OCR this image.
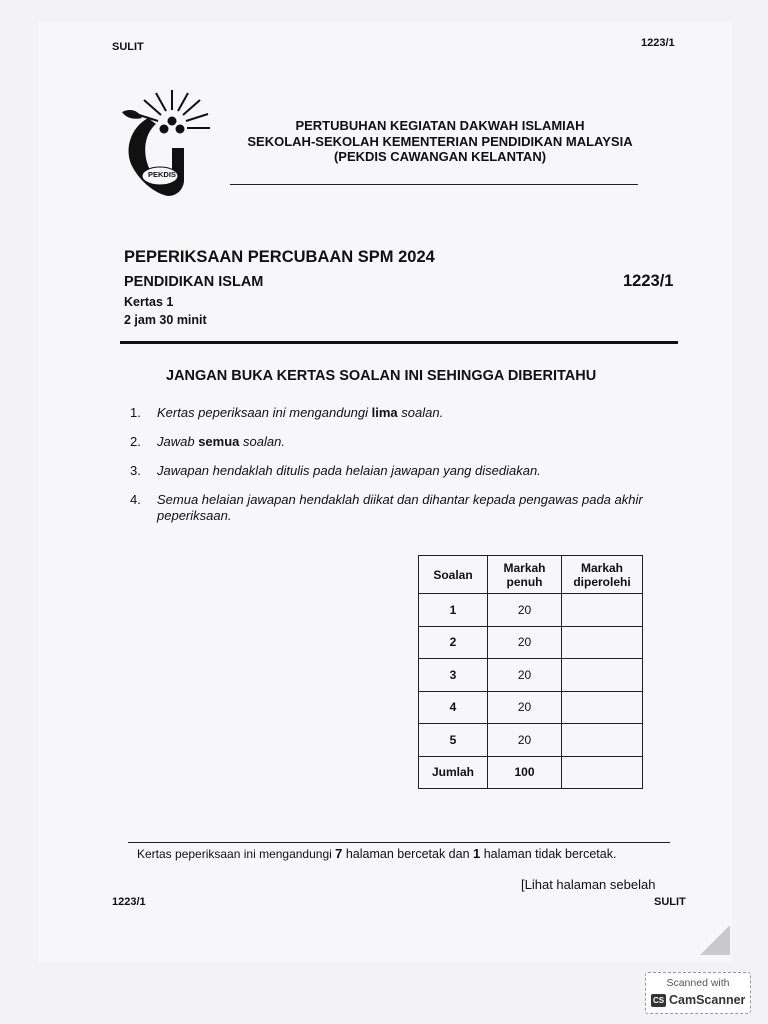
SULIT	1223/1
PEKDIS
PERTUBUHAN KEGIATAN DAKWAH ISLAMIAH
SEKOLAH-SEKOLAH KEMENTERIAN PENDIDIKAN MALAYSIA
(PEKDIS CAWANGAN KELANTAN)
PEPERIKSAAN PERCUBAAN SPM 2024
PENDIDIKAN ISLAM	1223/1
Kertas 1
2 jam 30 minit
JANGAN BUKA KERTAS SOALAN INI SEHINGGA DIBERITAHU
1. Kertas peperiksaan ini mengandungi lima soalan.
2. Jawab semua soalan.
3. Jawapan hendaklah ditulis pada helaian jawapan yang disediakan.
4. Semua helaian jawapan hendaklah diikat dan dihantar kepada pengawas pada akhir peperiksaan.
Soalan	Markah penuh	Markah diperolehi
1	20	
2	20	
3	20	
4	20	
5	20	
Jumlah	100	
Kertas peperiksaan ini mengandungi 7 halaman bercetak dan 1 halaman tidak bercetak.
[Lihat halaman sebelah
1223/1	SULIT
Scanned with
CS CamScanner
